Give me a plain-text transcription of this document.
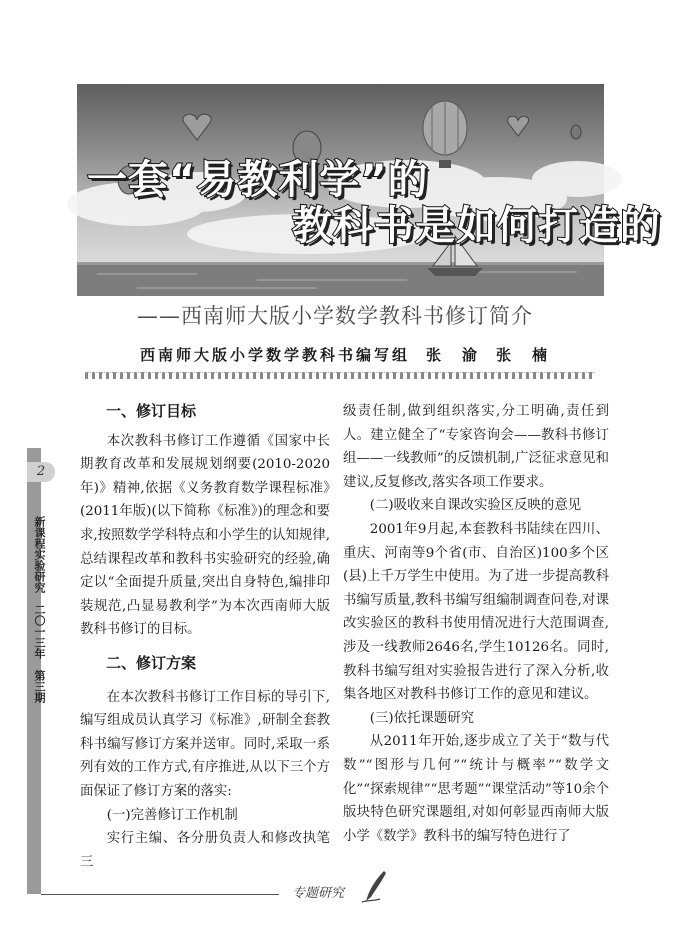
一套“易教利学”的

教科书是如何打造的

——西南师大版小学数学教科书修订简介

西南师大版小学数学教科书编写组 张　渝 张　楠

2
新课程实验研究　二〇一三年　第三期
一、修订目标

本次教科书修订工作遵循《国家中长期教育改革和发展规划纲要(2010-2020年)》精神,依据《义务教育数学课程标准》(2011年版)(以下简称《标准》)的理念和要求,按照数学学科特点和小学生的认知规律,总结课程改革和教科书实验研究的经验,确定以“全面提升质量,突出自身特色,编排印装规范,凸显易教利学”为本次西南师大版教科书修订的目标。

二、修订方案

在本次教科书修订工作目标的导引下,编写组成员认真学习《标准》,研制全套教科书编写修订方案并送审。同时,采取一系列有效的工作方式,有序推进,从以下三个方面保证了修订方案的落实:

(一)完善修订工作机制

实行主编、各分册负责人和修改执笔三

级责任制,做到组织落实,分工明确,责任到人。建立健全了“专家咨询会——教科书修订组——一线教师”的反馈机制,广泛征求意见和建议,反复修改,落实各项工作要求。

(二)吸收来自课改实验区反映的意见

2001年9月起,本套教科书陆续在四川、重庆、河南等9个省(市、自治区)100多个区(县)上千万学生中使用。为了进一步提高教科书编写质量,教科书编写组编制调查问卷,对课改实验区的教科书使用情况进行大范围调查,涉及一线教师2646名,学生10126名。同时,教科书编写组对实验报告进行了深入分析,收集各地区对教科书修订工作的意见和建议。

(三)依托课题研究

从2011年开始,逐步成立了关于“数与代数”“图形与几何”“统计与概率”“数学文化”“探索规律”“思考题”“课堂活动”等10余个版块特色研究课题组,对如何彰显西南师大版小学《数学》教科书的编写特色进行了

专题研究
